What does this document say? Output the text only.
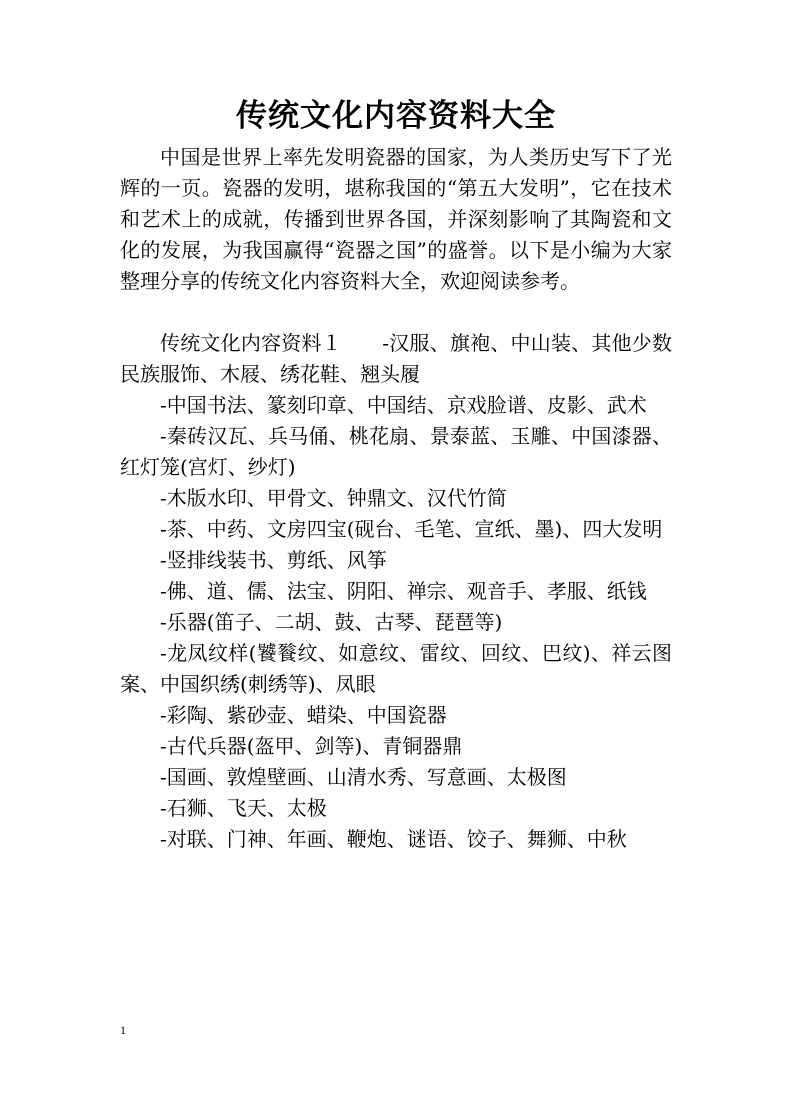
传统文化内容资料大全

中国是世界上率先发明瓷器的国家，为人类历史写下了光辉的一页。瓷器的发明，堪称我国的“第五大发明”，它在技术和艺术上的成就，传播到世界各国，并深刻影响了其陶瓷和文化的发展，为我国赢得“瓷器之国”的盛誉。以下是小编为大家整理分享的传统文化内容资料大全，欢迎阅读参考。

传统文化内容资料１　　-汉服、旗袍、中山装、其他少数民族服饰、木屐、绣花鞋、翘头履

-中国书法、篆刻印章、中国结、京戏脸谱、皮影、武术

-秦砖汉瓦、兵马俑、桃花扇、景泰蓝、玉雕、中国漆器、红灯笼(宫灯、纱灯)

-木版水印、甲骨文、钟鼎文、汉代竹简

-茶、中药、文房四宝(砚台、毛笔、宣纸、墨)、四大发明

-竖排线装书、剪纸、风筝

-佛、道、儒、法宝、阴阳、禅宗、观音手、孝服、纸钱

-乐器(笛子、二胡、鼓、古琴、琵琶等)

-龙凤纹样(饕餮纹、如意纹、雷纹、回纹、巴纹)、祥云图案、中国织绣(刺绣等)、凤眼

-彩陶、紫砂壶、蜡染、中国瓷器

-古代兵器(盔甲、剑等)、青铜器鼎

-国画、敦煌壁画、山清水秀、写意画、太极图

-石狮、飞天、太极

-对联、门神、年画、鞭炮、谜语、饺子、舞狮、中秋

1
